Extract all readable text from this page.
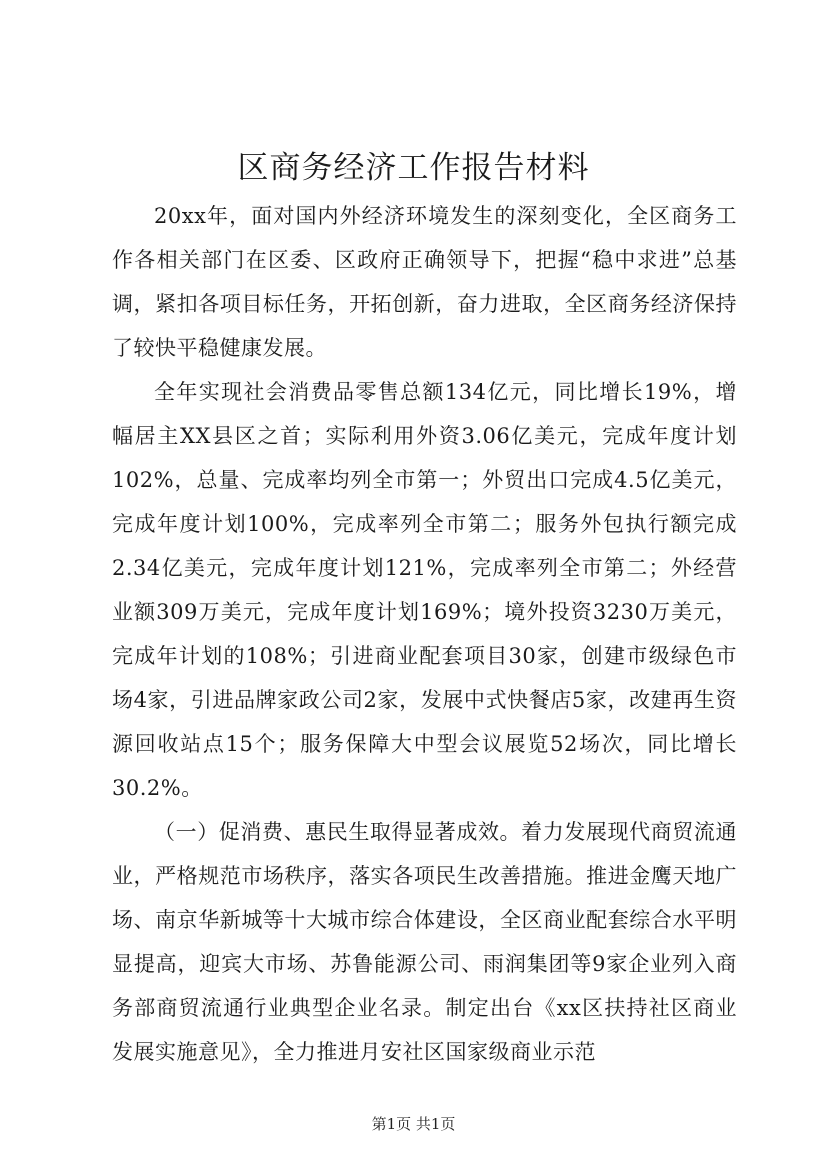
区商务经济工作报告材料

20xx年，面对国内外经济环境发生的深刻变化，全区商务工作各相关部门在区委、区政府正确领导下，把握“稳中求进”总基调，紧扣各项目标任务，开拓创新，奋力进取，全区商务经济保持了较快平稳健康发展。

全年实现社会消费品零售总额134亿元，同比增长19%，增幅居主XX县区之首；实际利用外资3.06亿美元，完成年度计划102%，总量、完成率均列全市第一；外贸出口完成4.5亿美元，完成年度计划100%，完成率列全市第二；服务外包执行额完成2.34亿美元，完成年度计划121%，完成率列全市第二；外经营业额309万美元，完成年度计划169%；境外投资3230万美元，完成年计划的108%；引进商业配套项目30家，创建市级绿色市场4家，引进品牌家政公司2家，发展中式快餐店5家，改建再生资源回收站点15个；服务保障大中型会议展览52场次，同比增长30.2%。

（一）促消费、惠民生取得显著成效。着力发展现代商贸流通业，严格规范市场秩序，落实各项民生改善措施。推进金鹰天地广场、南京华新城等十大城市综合体建设，全区商业配套综合水平明显提高，迎宾大市场、苏鲁能源公司、雨润集团等9家企业列入商务部商贸流通行业典型企业名录。制定出台《xx区扶持社区商业发展实施意见》，全力推进月安社区国家级商业示范

第1页 共1页
